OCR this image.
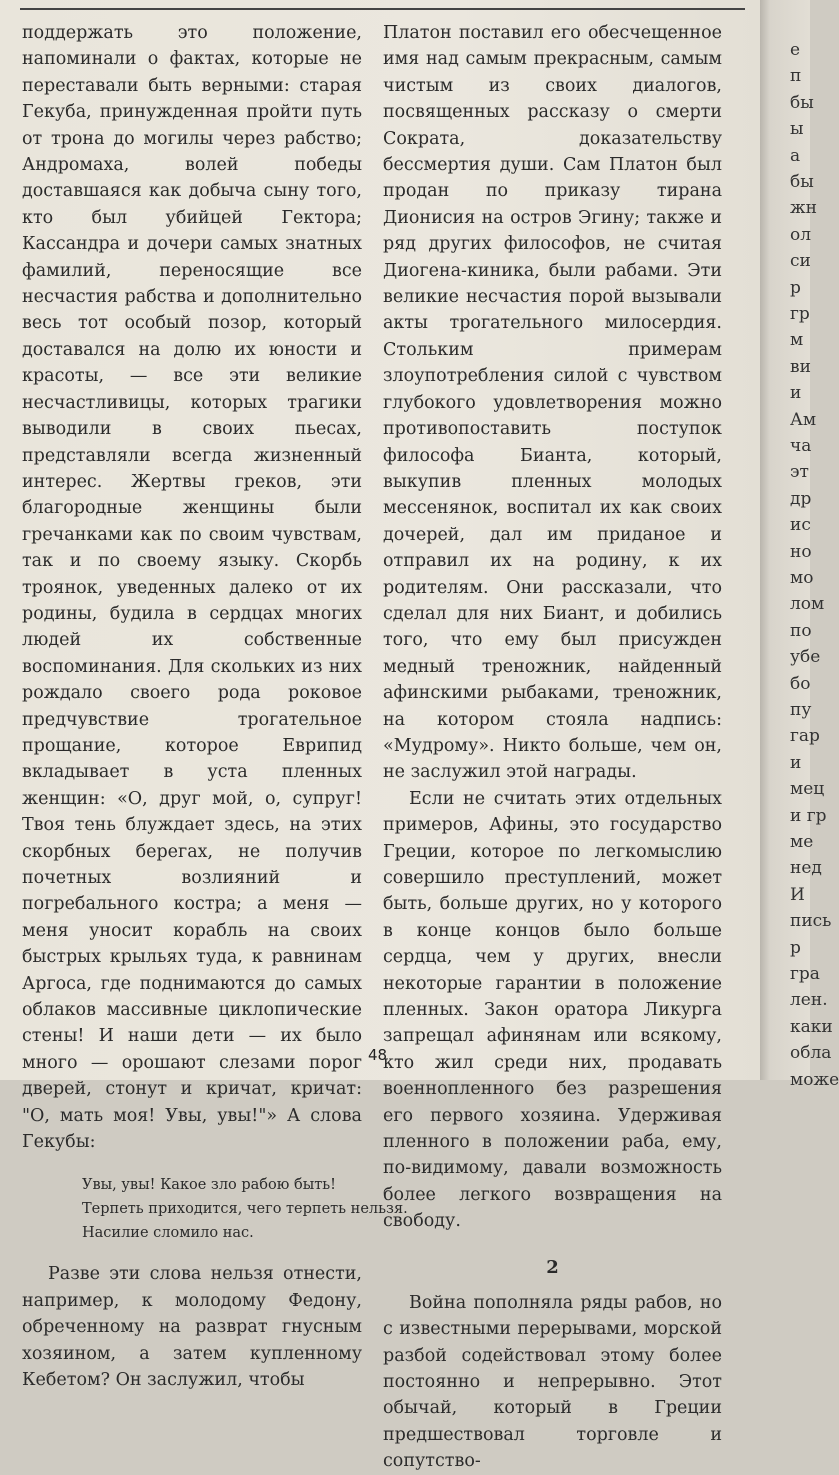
поддержать это положение, напоминали о фактах, которые не переставали быть верными: старая Гекуба, принужденная пройти путь от трона до могилы через рабство; Андромаха, волей победы доставшаяся как добыча сыну того, кто был убийцей Гектора; Кассандра и дочери самых знатных фамилий, переносящие все несчастия рабства и дополнительно весь тот особый позор, который доставался на долю их юности и красоты, — все эти великие несчастливицы, которых трагики выводили в своих пьесах, представляли всегда жизненный интерес. Жертвы греков, эти благородные женщины были гречанками как по своим чувствам, так и по своему языку. Скорбь троянок, уведенных далеко от их родины, будила в сердцах многих людей их собственные воспоминания. Для скольких из них рождало своего рода роковое предчувствие трогательное прощание, которое Еврипид вкладывает в уста пленных женщин: «О, друг мой, о, супруг! Твоя тень блуждает здесь, на этих скорбных берегах, не получив почетных возлияний и погребального костра; а меня — меня уносит корабль на своих быстрых крыльях туда, к равнинам Аргоса, где поднимаются до самых облаков массивные циклопические стены! И наши дети — их было много — орошают слезами порог дверей, стонут и кричат, кричат: "О, мать моя! Увы, увы!"» А слова Гекубы:

Увы, увы! Какое зло рабою быть!
Терпеть приходится, чего терпеть нельзя.
Насилие сломило нас.

Разве эти слова нельзя отнести, например, к молодому Федону, обреченному на разврат гнусным хозяином, а затем купленному Кебетом? Он заслужил, чтобы

Платон поставил его обесчещенное имя над самым прекрасным, самым чистым из своих диалогов, посвященных рассказу о смерти Сократа, доказательству бессмертия души. Сам Платон был продан по приказу тирана Дионисия на остров Эгину; также и ряд других философов, не считая Диогена-киника, были рабами. Эти великие несчастия порой вызывали акты трогательного милосердия. Стольким примерам злоупотребления силой с чувством глубокого удовлетворения можно противопоставить поступок философа Бианта, который, выкупив пленных молодых мессенянок, воспитал их как своих дочерей, дал им приданое и отправил их на родину, к их родителям. Они рассказали, что сделал для них Биант, и добились того, что ему был присужден медный треножник, найденный афинскими рыбаками, треножник, на котором стояла надпись: «Мудрому». Никто больше, чем он, не заслужил этой награды.

Если не считать этих отдельных примеров, Афины, это государство Греции, которое по легкомыслию совершило преступлений, может быть, больше других, но у которого в конце концов было больше сердца, чем у других, внесли некоторые гарантии в положение пленных. Закон оратора Ликурга запрещал афинянам или всякому, кто жил среди них, продавать военнопленного без разрешения его первого хозяина. Удерживая пленного в положении раба, ему, по-видимому, давали возможность более легкого возвращения на свободу.

2

Война пополняла ряды рабов, но с известными перерывами, морской разбой содействовал этому более постоянно и непрерывно. Этот обычай, который в Греции предшествовал торговле и сопутство-

48
е
п
бы
ы
а
бы
жн
ол
си
р
гр
м
ви
и
Ам
ча
эт
др
ис
но
мо
лом
по
убе
бо
пу
гар
и
мец
и гр
ме
нед
И
пись
р
гра
лен.
каки
обла
може
